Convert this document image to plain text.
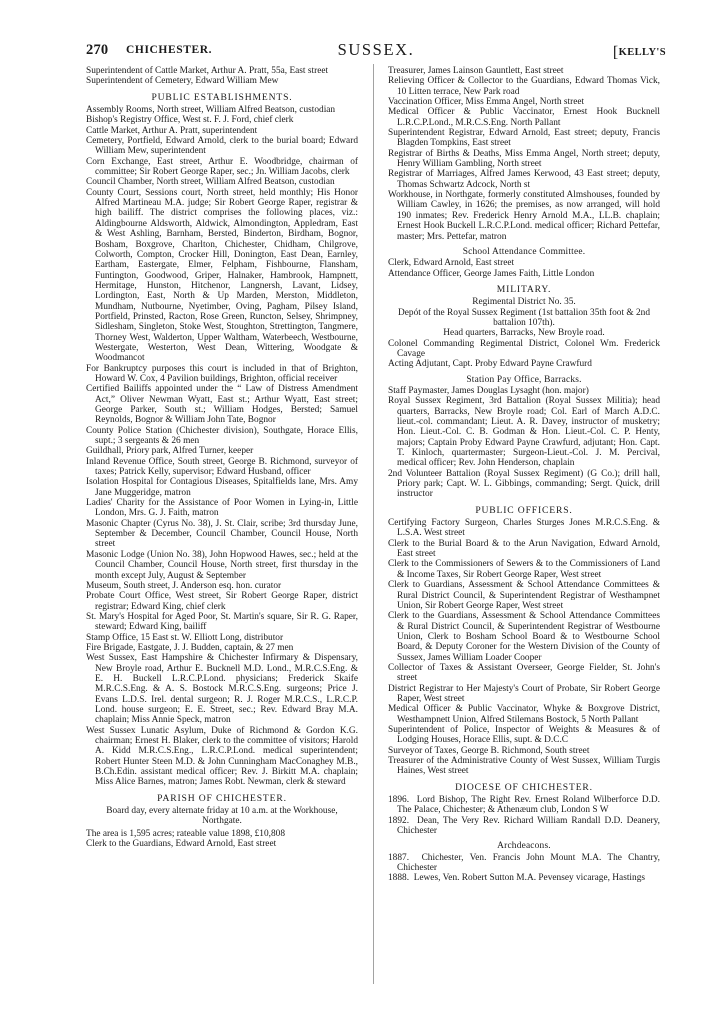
270 CHICHESTER.	SUSSEX.	[KELLY'S

Superintendent of Cattle Market, Arthur A. Pratt, 55a, East street

Superintendent of Cemetery, Edward William Mew

PUBLIC ESTABLISHMENTS.

Assembly Rooms, North street, William Alfred Beatson, custodian

Bishop's Registry Office, West st. F. J. Ford, chief clerk

Cattle Market, Arthur A. Pratt, superintendent

Cemetery, Portfield, Edward Arnold, clerk to the burial board; Edward William Mew, superintendent

Corn Exchange, East street, Arthur E. Woodbridge, chairman of committee; Sir Robert George Raper, sec.; Jn. William Jacobs, clerk

Council Chamber, North street, William Alfred Beatson, custodian

County Court, Sessions court, North street, held monthly; His Honor Alfred Martineau M.A. judge; Sir Robert George Raper, registrar & high bailiff. The district comprises the following places, viz.: Aldingbourne Aldsworth, Aldwick, Almondington, Appledram, East & West Ashling, Barnham, Bersted, Binderton, Birdham, Bognor, Bosham, Boxgrove, Charlton, Chichester, Chidham, Chilgrove, Colworth, Compton, Crocker Hill, Donington, East Dean, Earnley, Eartham, Eastergate, Elmer, Felpham, Fishbourne, Flansham, Funtington, Goodwood, Griper, Halnaker, Hambrook, Hampnett, Hermitage, Hunston, Hitchenor, Langnersh, Lavant, Lidsey, Lordington, East, North & Up Marden, Merston, Middleton, Mundham, Nutbourne, Nyetimber, Oving, Pagham, Pilsey Island, Portfield, Prinsted, Racton, Rose Green, Runcton, Selsey, Shrimpney, Sidlesham, Singleton, Stoke West, Stoughton, Strettington, Tangmere, Thorney West, Walderton, Upper Waltham, Waterbeech, Westbourne, Westergate, Westerton, West Dean, Wittering, Woodgate & Woodmancot

For Bankruptcy purposes this court is included in that of Brighton, Howard W. Cox, 4 Pavilion buildings, Brighton, official receiver

Certified Bailiffs appointed under the “ Law of Distress Amendment Act,” Oliver Newman Wyatt, East st.; Arthur Wyatt, East street; George Parker, South st.; William Hodges, Bersted; Samuel Reynolds, Bognor & William John Tate, Bognor

County Police Station (Chichester division), Southgate, Horace Ellis, supt.; 3 sergeants & 26 men

Guildhall, Priory park, Alfred Turner, keeper

Inland Revenue Office, South street, George B. Richmond, surveyor of taxes; Patrick Kelly, supervisor; Edward Husband, officer

Isolation Hospital for Contagious Diseases, Spitalfields lane, Mrs. Amy Jane Muggeridge, matron

Ladies' Charity for the Assistance of Poor Women in Lying-in, Little London, Mrs. G. J. Faith, matron

Masonic Chapter (Cyrus No. 38), J. St. Clair, scribe; 3rd thursday June, September & December, Council Chamber, Council House, North street

Masonic Lodge (Union No. 38), John Hopwood Hawes, sec.; held at the Council Chamber, Council House, North street, first thursday in the month except July, August & September

Museum, South street, J. Anderson esq. hon. curator

Probate Court Office, West street, Sir Robert George Raper, district registrar; Edward King, chief clerk

St. Mary's Hospital for Aged Poor, St. Martin's square, Sir R. G. Raper, steward; Edward King, bailiff

Stamp Office, 15 East st. W. Elliott Long, distributor

Fire Brigade, Eastgate, J. J. Budden, captain, & 27 men

West Sussex, East Hampshire & Chichester Infirmary & Dispensary, New Broyle road, Arthur E. Bucknell M.D. Lond., M.R.C.S.Eng. & E. H. Buckell L.R.C.P.Lond. physicians; Frederick Skaife M.R.C.S.Eng. & A. S. Bostock M.R.C.S.Eng. surgeons; Price J. Evans L.D.S. Irel. dental surgeon; R. J. Roger M.R.C.S., L.R.C.P. Lond. house surgeon; E. E. Street, sec.; Rev. Edward Bray M.A. chaplain; Miss Annie Speck, matron

West Sussex Lunatic Asylum, Duke of Richmond & Gordon K.G. chairman; Ernest H. Blaker, clerk to the committee of visitors; Harold A. Kidd M.R.C.S.Eng., L.R.C.P.Lond. medical superintendent; Robert Hunter Steen M.D. & John Cunningham MacConaghey M.B., B.Ch.Edin. assistant medical officer; Rev. J. Birkitt M.A. chaplain; Miss Alice Barnes, matron; James Robt. Newman, clerk & steward

PARISH OF CHICHESTER.

Board day, every alternate friday at 10 a.m. at the Workhouse, Northgate.

The area is 1,595 acres; rateable value 1898, £10,808

Clerk to the Guardians, Edward Arnold, East street

Treasurer, James Lainson Gauntlett, East street

Relieving Officer & Collector to the Guardians, Edward Thomas Vick, 10 Litten terrace, New Park road

Vaccination Officer, Miss Emma Angel, North street

Medical Officer & Public Vaccinator, Ernest Hook Bucknell L.R.C.P.Lond., M.R.C.S.Eng. North Pallant

Superintendent Registrar, Edward Arnold, East street; deputy, Francis Blagden Tompkins, East street

Registrar of Births & Deaths, Miss Emma Angel, North street; deputy, Henry William Gambling, North street

Registrar of Marriages, Alfred James Kerwood, 43 East street; deputy, Thomas Schwartz Adcock, North st

Workhouse, in Northgate, formerly constituted Almshouses, founded by William Cawley, in 1626; the premises, as now arranged, will hold 190 inmates; Rev. Frederick Henry Arnold M.A., LL.B. chaplain; Ernest Hook Buckell L.R.C.P.Lond. medical officer; Richard Pettefar, master; Mrs. Pettefar, matron

School Attendance Committee.

Clerk, Edward Arnold, East street

Attendance Officer, George James Faith, Little London

MILITARY.

Regimental District No. 35.

Depót of the Royal Sussex Regiment (1st battalion 35th foot & 2nd battalion 107th).

Head quarters, Barracks, New Broyle road.

Colonel Commanding Regimental District, Colonel Wm. Frederick Cavage

Acting Adjutant, Capt. Proby Edward Payne Crawfurd

Station Pay Office, Barracks.

Staff Paymaster, James Douglas Lysaght (hon. major)

Royal Sussex Regiment, 3rd Battalion (Royal Sussex Militia); head quarters, Barracks, New Broyle road; Col. Earl of March A.D.C. lieut.-col. commandant; Lieut. A. R. Davey, instructor of musketry; Hon. Lieut.-Col. C. B. Godman & Hon. Lieut.-Col. C. P. Henty, majors; Captain Proby Edward Payne Crawfurd, adjutant; Hon. Capt. T. Kinloch, quartermaster; Surgeon-Lieut.-Col. J. M. Percival, medical officer; Rev. John Henderson, chaplain

2nd Volunteer Battalion (Royal Sussex Regiment) (G Co.); drill hall, Priory park; Capt. W. L. Gibbings, commanding; Sergt. Quick, drill instructor

PUBLIC OFFICERS.

Certifying Factory Surgeon, Charles Sturges Jones M.R.C.S.Eng. & L.S.A. West street

Clerk to the Burial Board & to the Arun Navigation, Edward Arnold, East street

Clerk to the Commissioners of Sewers & to the Commissioners of Land & Income Taxes, Sir Robert George Raper, West street

Clerk to Guardians, Assessment & School Attendance Committees & Rural District Council, & Superintendent Registrar of Westhampnet Union, Sir Robert George Raper, West street

Clerk to the Guardians, Assessment & School Attendance Committees & Rural District Council, & Superintendent Registrar of Westbourne Union, Clerk to Bosham School Board & to Westbourne School Board, & Deputy Coroner for the Western Division of the County of Sussex, James William Loader Cooper

Collector of Taxes & Assistant Overseer, George Fielder, St. John's street

District Registrar to Her Majesty's Court of Probate, Sir Robert George Raper, West street

Medical Officer & Public Vaccinator, Whyke & Boxgrove District, Westhampnett Union, Alfred Stilemans Bostock, 5 North Pallant

Superintendent of Police, Inspector of Weights & Measures & of Lodging Houses, Horace Ellis, supt. & D.C.C

Surveyor of Taxes, George B. Richmond, South street

Treasurer of the Administrative County of West Sussex, William Turgis Haines, West street

DIOCESE OF CHICHESTER.

1896. Lord Bishop, The Right Rev. Ernest Roland Wilberforce D.D. The Palace, Chichester; & Athenæum club, London S W

1892. Dean, The Very Rev. Richard William Randall D.D. Deanery, Chichester

Archdeacons.

1887. Chichester, Ven. Francis John Mount M.A. The Chantry, Chichester

1888. Lewes, Ven. Robert Sutton M.A. Pevensey vicarage, Hastings
